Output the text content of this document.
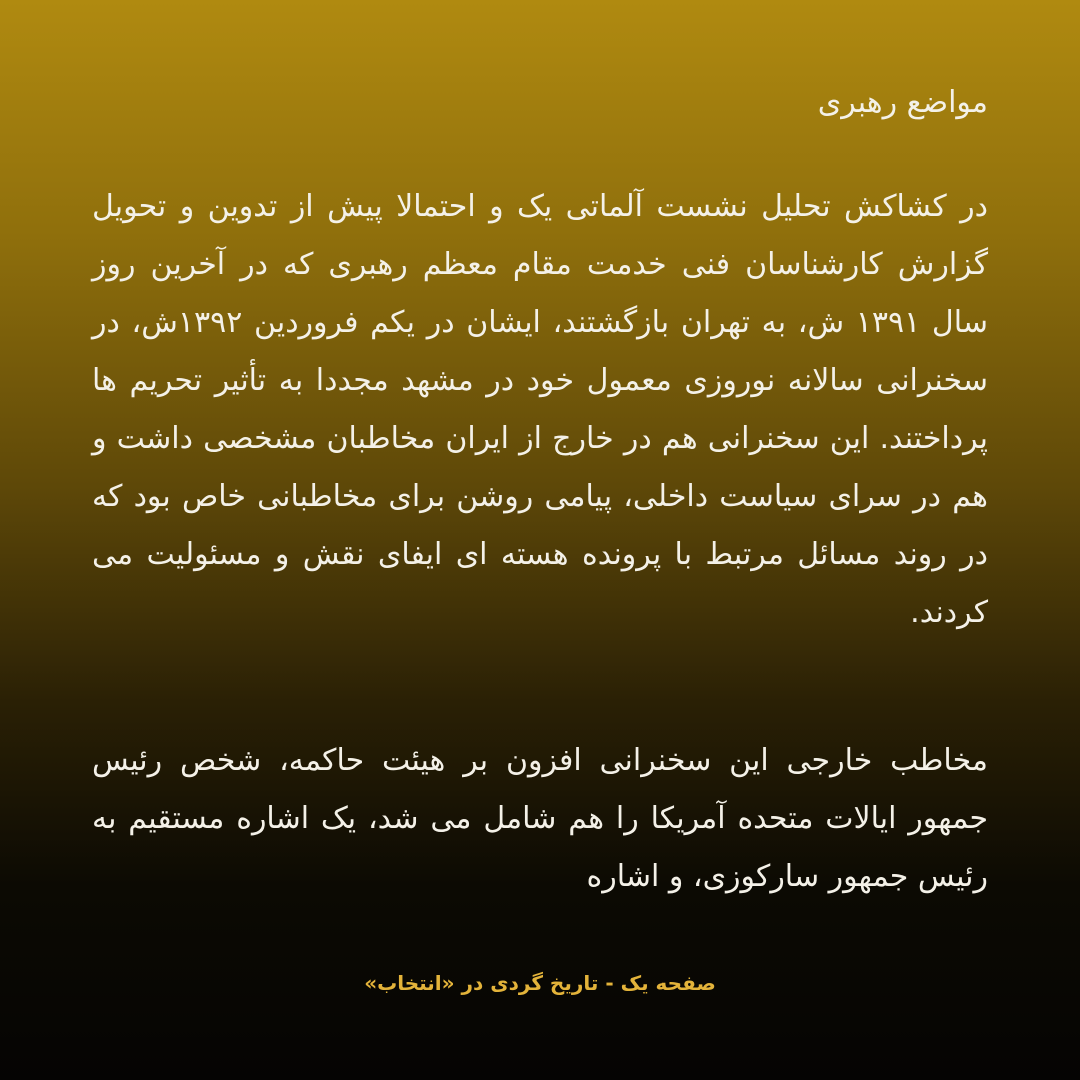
مواضع رهبری
در کشاکش تحلیل نشست آلماتی یک و احتمالا پیش از تدوین و تحویل گزارش کارشناسان فنی خدمت مقام معظم رهبری که در آخرین روز سال ۱۳۹۱ ش، به تهران بازگشتند، ایشان در یکم فروردین ۱۳۹۲ش، در سخنرانی سالانه نوروزی معمول خود در مشهد مجددا به تأثیر تحریم ها پرداختند. این سخنرانی هم در خارج از ایران مخاطبان مشخصی داشت و هم در سرای سیاست داخلی، پیامی روشن برای مخاطبانی خاص بود که در روند مسائل مرتبط با پرونده هسته ای ایفای نقش و مسئولیت می کردند.
مخاطب خارجی این سخنرانی افزون بر هیئت حاکمه، شخص رئیس جمهور ایالات متحده آمریکا را هم شامل می شد، یک اشاره مستقیم به رئیس جمهور سارکوزی، و اشاره
صفحه یک - تاریخ گردی در «انتخاب»
